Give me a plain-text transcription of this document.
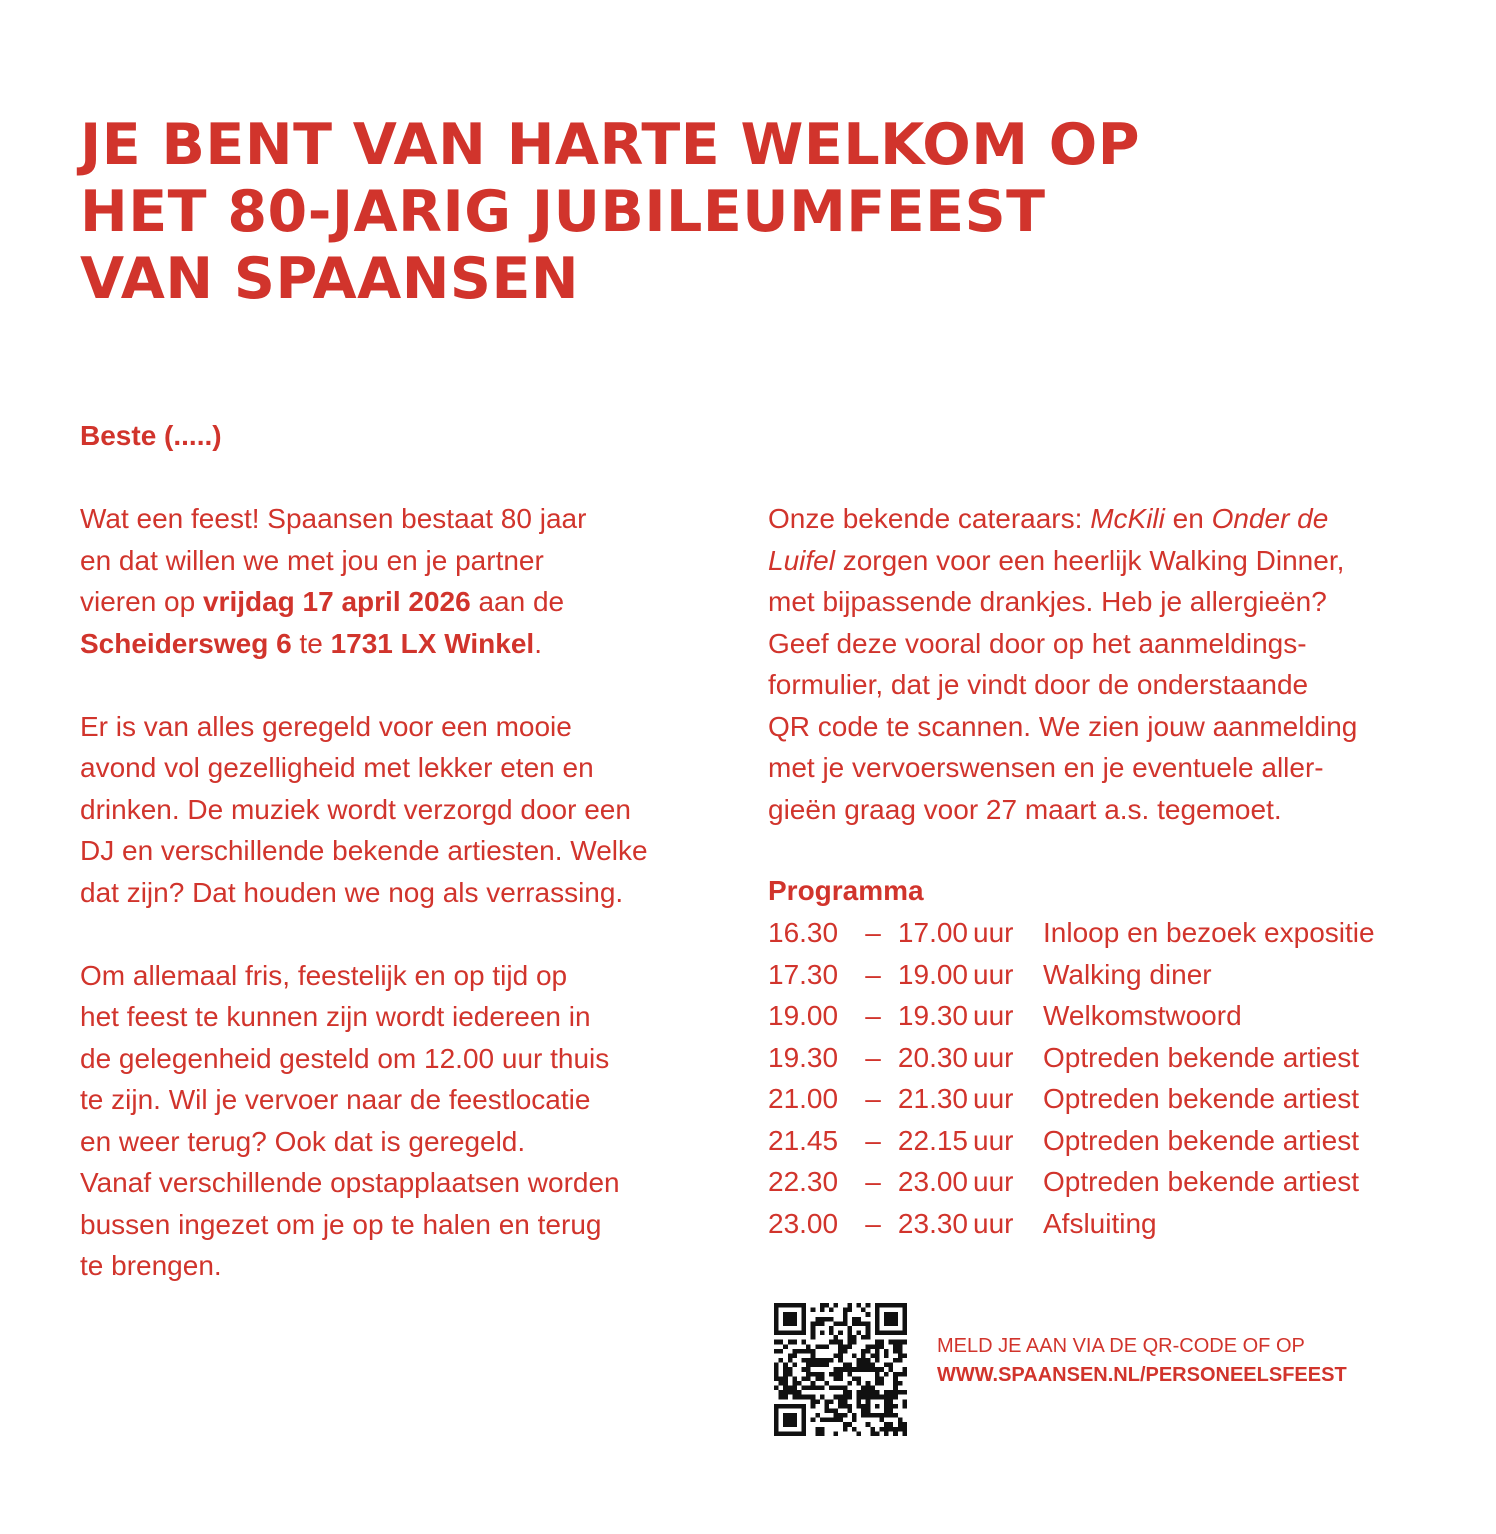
JE BENT VAN HARTE WELKOM OP
HET 80-JARIG JUBILEUMFEEST
VAN SPAANSEN

Beste (.....)

Wat een feest! Spaansen bestaat 80 jaar
en dat willen we met jou en je partner
vieren op vrijdag 17 april 2026 aan de
Scheidersweg 6 te 1731 LX Winkel.

Er is van alles geregeld voor een mooie
avond vol gezelligheid met lekker eten en
drinken. De muziek wordt verzorgd door een
DJ en verschillende bekende artiesten. Welke
dat zijn? Dat houden we nog als verrassing.

Om allemaal fris, feestelijk en op tijd op
het feest te kunnen zijn wordt iedereen in
de gelegenheid gesteld om 12.00 uur thuis
te zijn. Wil je vervoer naar de feestlocatie
en weer terug? Ook dat is geregeld.
Vanaf verschillende opstapplaatsen worden
bussen ingezet om je op te halen en terug
te brengen.

Onze bekende cateraars: McKili en Onder de
Luifel zorgen voor een heerlijk Walking Dinner,
met bijpassende drankjes. Heb je allergieën?
Geef deze vooral door op het aanmeldings-
formulier, dat je vindt door de onderstaande
QR code te scannen. We zien jouw aanmelding
met je vervoerswensen en je eventuele aller-
gieën graag voor 27 maart a.s. tegemoet.

Programma

16.30 – 17.00 uur	Inloop en bezoek expositie
17.30 – 19.00 uur	Walking diner
19.00 – 19.30 uur	Welkomstwoord
19.30 – 20.30 uur	Optreden bekende artiest
21.00 – 21.30 uur	Optreden bekende artiest
21.45 – 22.15 uur	Optreden bekende artiest
22.30 – 23.00 uur	Optreden bekende artiest
23.00 – 23.30 uur	Afsluiting
MELD JE AAN VIA DE QR-CODE OF OP
WWW.SPAANSEN.NL/PERSONEELSFEEST
